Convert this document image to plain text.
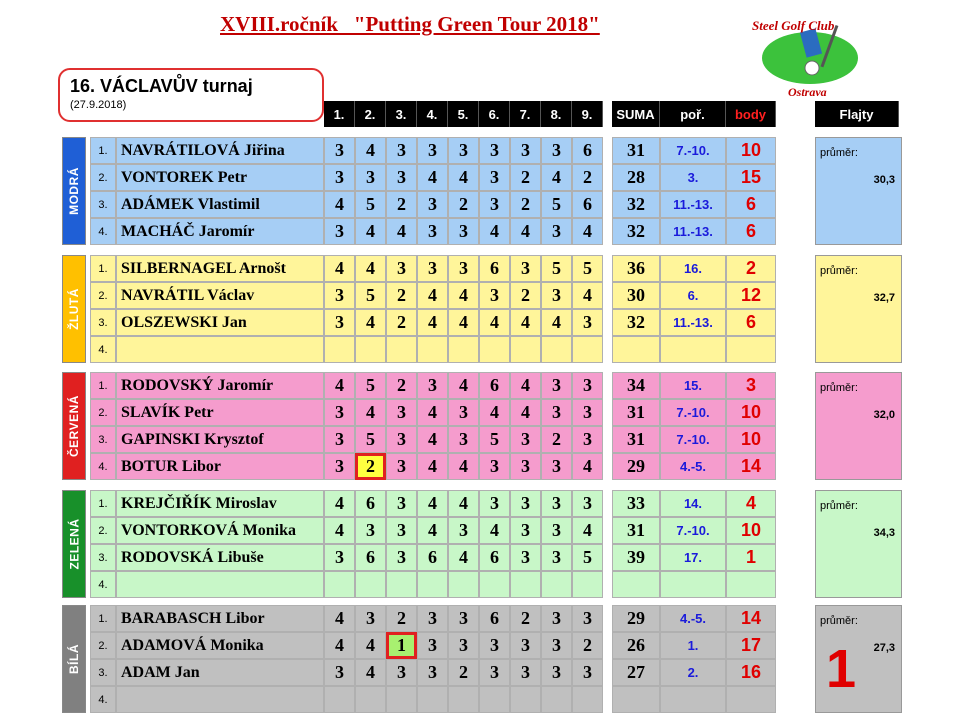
XVIII.ročník   "Putting Green Tour 2018"	Steel Golf Club
Ostrava
16. VÁCLAVŮV turnaj
(27.9.2018)
1.	2.	3.	4.	5.	6.	7.	8.	9.	SUMA	poř.	body	Flajty
MODRÁ
1. NAVRÁTILOVÁ Jiřina	3	4	3	3	3	3	3	3	6	31	7.-10.	10
2. VONTOREK Petr	3	3	3	4	4	3	2	4	2	28	3.	15
3. ADÁMEK Vlastimil	4	5	2	3	2	3	2	5	6	32	11.-13.	6
4. MACHÁČ Jaromír	3	4	4	3	3	4	4	3	4	32	11.-13.	6
průměr:
30,3
ŽLUTÁ
1. SILBERNAGEL Arnošt	4	4	3	3	3	6	3	5	5	36	16.	2
2. NAVRÁTIL Václav	3	5	2	4	4	3	2	3	4	30	6.	12
3. OLSZEWSKI Jan	3	4	2	4	4	4	4	4	3	32	11.-13.	6
4.
průměr:
32,7
ČERVENÁ
1. RODOVSKÝ Jaromír	4	5	2	3	4	6	4	3	3	34	15.	3
2. SLAVÍK Petr	3	4	3	4	3	4	4	3	3	31	7.-10.	10
3. GAPINSKI Krysztof	3	5	3	4	3	5	3	2	3	31	7.-10.	10
4. BOTUR Libor	3	2	3	4	4	3	3	3	4	29	4.-5.	14
průměr:
32,0
ZELENÁ
1. KREJČIŘÍK Miroslav	4	6	3	4	4	3	3	3	3	33	14.	4
2. VONTORKOVÁ Monika	4	3	3	4	3	4	3	3	4	31	7.-10.	10
3. RODOVSKÁ Libuše	3	6	3	6	4	6	3	3	5	39	17.	1
4.
průměr:
34,3
BÍLÁ
1. BARABASCH Libor	4	3	2	3	3	6	2	3	3	29	4.-5.	14
2. ADAMOVÁ Monika	4	4	1	3	3	3	3	3	2	26	1.	17
3. ADAM Jan	3	4	3	3	2	3	3	3	3	27	2.	16
4.
průměr:
27,3
1
